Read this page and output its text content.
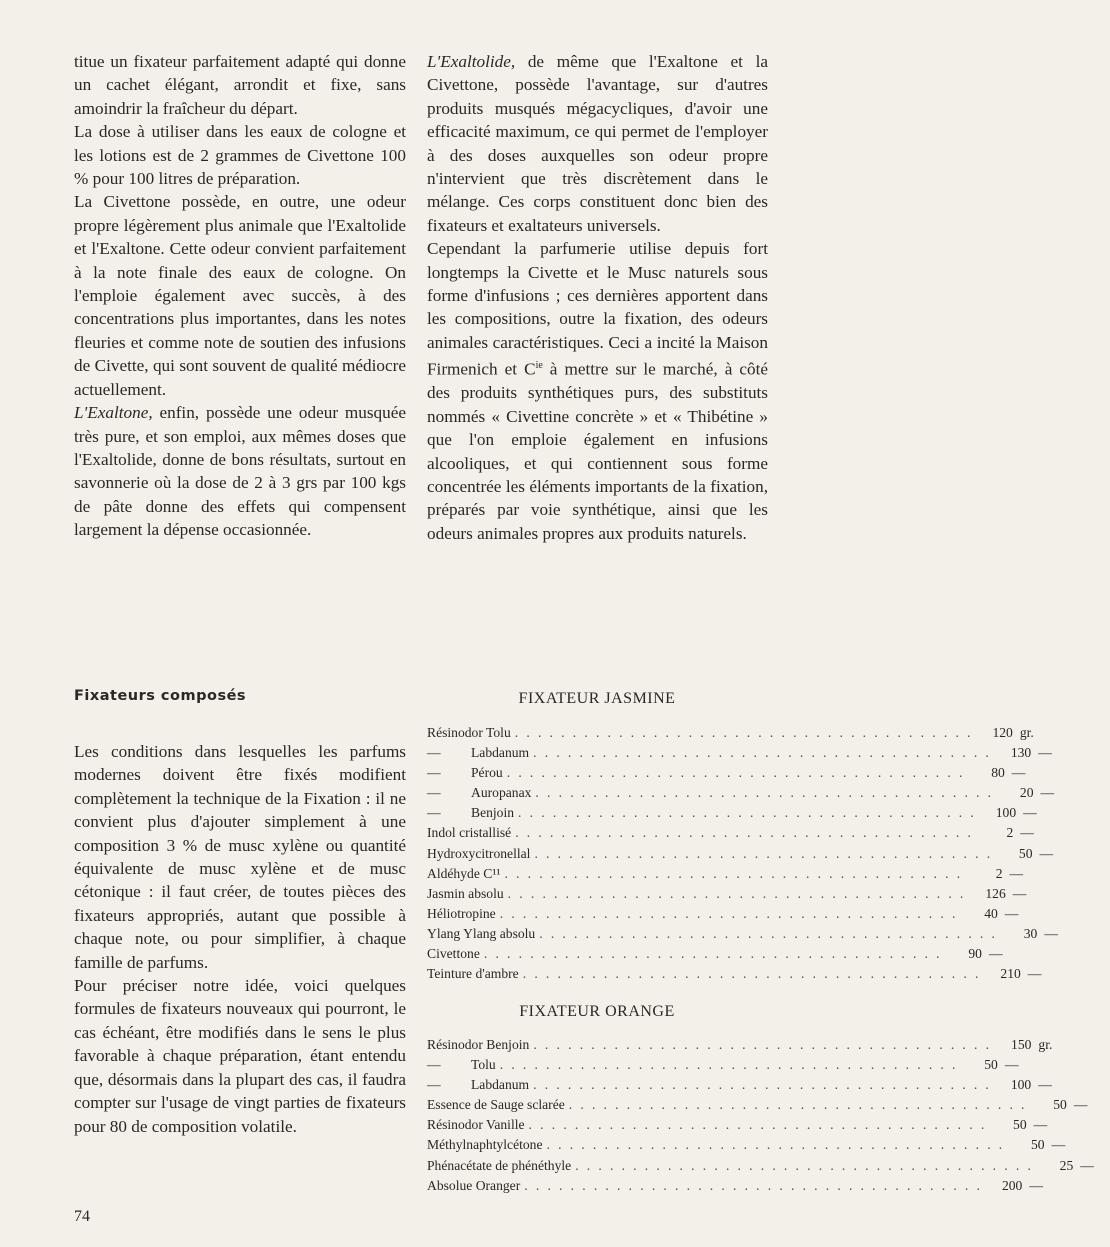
titue un fixateur parfaitement adapté qui donne un cachet élégant, arrondit et fixe, sans amoindrir la fraîcheur du départ.

La dose à utiliser dans les eaux de cologne et les lotions est de 2 grammes de Civettone 100 % pour 100 litres de préparation.

La Civettone possède, en outre, une odeur propre légèrement plus animale que l'Exaltolide et l'Exaltone. Cette odeur convient parfaitement à la note finale des eaux de cologne. On l'emploie également avec succès, à des concentrations plus importantes, dans les notes fleuries et comme note de soutien des infusions de Civette, qui sont souvent de qualité médiocre actuellement.

L'Exaltone, enfin, possède une odeur musquée très pure, et son emploi, aux mêmes doses que l'Exaltolide, donne de bons résultats, surtout en savonnerie où la dose de 2 à 3 grs par 100 kgs de pâte donne des effets qui compensent largement la dépense occasionnée.

L'Exaltolide, de même que l'Exaltone et la Civettone, possède l'avantage, sur d'autres produits musqués mégacycliques, d'avoir une efficacité maximum, ce qui permet de l'employer à des doses auxquelles son odeur propre n'intervient que très discrètement dans le mélange. Ces corps constituent donc bien des fixateurs et exaltateurs universels.

Cependant la parfumerie utilise depuis fort longtemps la Civette et le Musc naturels sous forme d'infusions ; ces dernières apportent dans les compositions, outre la fixation, des odeurs animales caractéristiques. Ceci a incité la Maison Firmenich et $C^{ie}$ à mettre sur le marché, à côté des produits synthétiques purs, des substituts nommés « Civettine concrète » et « Thibétine » que l'on emploie également en infusions alcooliques, et qui contiennent sous forme concentrée les éléments importants de la fixation, préparés par voie synthétique, ainsi que les odeurs animales propres aux produits naturels.

Fixateurs composés

Les conditions dans lesquelles les parfums modernes doivent être fixés modifient complètement la technique de la Fixation : il ne convient plus d'ajouter simplement à une composition 3 % de musc xylène ou quantité équivalente de musc xylène et de musc cétonique : il faut créer, de toutes pièces des fixateurs appropriés, autant que possible à chaque note, ou pour simplifier, à chaque famille de parfums.

Pour préciser notre idée, voici quelques formules de fixateurs nouveaux qui pourront, le cas échéant, être modifiés dans le sens le plus favorable à chaque préparation, étant entendu que, désormais dans la plupart des cas, il faudra compter sur l'usage de vingt parties de fixateurs pour 80 de composition volatile.

FIXATEUR JASMINE
Résinodor Tolu . . . . . . . . . . . . . . . . . . . . . . . . . . . . . . . . . . . . . . . .	120 gr.
— Labdanum . . . . . . . . . . . . . . . . . . . . . . . . . . . . . . . . . . . . . . . .	130 —
— Pérou . . . . . . . . . . . . . . . . . . . . . . . . . . . . . . . . . . . . . . . .	80 —
— Auropanax . . . . . . . . . . . . . . . . . . . . . . . . . . . . . . . . . . . . . . . .	20 —
— Benjoin . . . . . . . . . . . . . . . . . . . . . . . . . . . . . . . . . . . . . . . .	100 —
Indol cristallisé . . . . . . . . . . . . . . . . . . . . . . . . . . . . . . . . . . . . . . . .	2 —
Hydroxycitronellal . . . . . . . . . . . . . . . . . . . . . . . . . . . . . . . . . . . . . . . .	50 —
Aldéhyde C¹¹ . . . . . . . . . . . . . . . . . . . . . . . . . . . . . . . . . . . . . . . .	2 —
Jasmin absolu . . . . . . . . . . . . . . . . . . . . . . . . . . . . . . . . . . . . . . . .	126 —
Héliotropine . . . . . . . . . . . . . . . . . . . . . . . . . . . . . . . . . . . . . . . .	40 —
Ylang Ylang absolu . . . . . . . . . . . . . . . . . . . . . . . . . . . . . . . . . . . . . . . .	30 —
Civettone . . . . . . . . . . . . . . . . . . . . . . . . . . . . . . . . . . . . . . . .	90 —
Teinture d'ambre . . . . . . . . . . . . . . . . . . . . . . . . . . . . . . . . . . . . . . . .	210 —
FIXATEUR ORANGE
Résinodor Benjoin . . . . . . . . . . . . . . . . . . . . . . . . . . . . . . . . . . . . . . . .	150 gr.
— Tolu . . . . . . . . . . . . . . . . . . . . . . . . . . . . . . . . . . . . . . . .	50 —
— Labdanum . . . . . . . . . . . . . . . . . . . . . . . . . . . . . . . . . . . . . . . .	100 —
Essence de Sauge sclarée . . . . . . . . . . . . . . . . . . . . . . . . . . . . . . . . . . . . . . . .	50 —
Résinodor Vanille . . . . . . . . . . . . . . . . . . . . . . . . . . . . . . . . . . . . . . . .	50 —
Méthylnaphtylcétone . . . . . . . . . . . . . . . . . . . . . . . . . . . . . . . . . . . . . . . .	50 —
Phénacétate de phénéthyle . . . . . . . . . . . . . . . . . . . . . . . . . . . . . . . . . . . . . . . .	25 —
Absolue Oranger . . . . . . . . . . . . . . . . . . . . . . . . . . . . . . . . . . . . . . . .	200 —
74
